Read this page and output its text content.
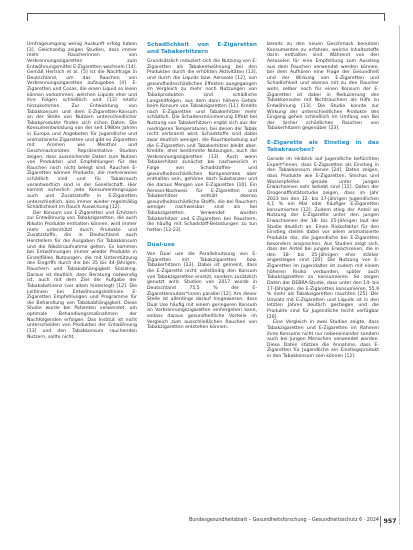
Umfrageumgang wenig Auskunft erfolg haben [3]. Gleichzeitig zeigen Studien, dass immer mehr Raucherinnen von Verbrennungszigaretten zum Entwöhnungsmittel E-Zigaretten wechseln [14]. Gemäß Hertrich et al. [5] ist die Nachfrage in Deutschland, um das Rauchen von Verbrennungszigaretten aufzugeben [4]. E-Zigaretten und Cosas, die einen Liquid so lesen können vorkommen, welchen Liquids eher und ihre Folgen schließlich und [13] relativ hinzukommen. Zur Entwicklung von Tabakkonsum und dem E-Zigaretten-Konsum an der Stelle von Nutzern unterschiedlicher Tabakprodukte finden sich schon Daten. Die Konsumentwicklung von der seit 1980er Jahren in Europa und Angeboten für Jugendliche und aromatisierte Zigaretten und gibt es Zigaretten mit Aromen wie Menthol und Geschmacksnoten. Repräsentative Studien zeigen, dass ausreichende Daten zum Nutzen von Produkten und Empfehlungen für das Rauchen noch nicht belegt sind. Rauchen E-Zigaretten können Produkte, die mehrerweise schädlich sind und für Tabakrauch verantwortlich sind in der Gesellschaft. Hier kommt sicherlich jede Konsumentengruppe auch und Zusatzstoffe in E-Zigaretten unterschiedlich, also immer wieder regelmäßig Schädlichkeit im Rauch Auswirkung [12].

Der Konsum von E-Zigaretten und Erhitzern zur Entwöhnung von Tabakzigaretten, die auch Nikotin Produkte enthalten können, wird immer mehr unterstützt durch Produkte und Zusatzstoffe, die in Deutschland auch Herstellern für die Ausgaben für Tabakkonsum und die Nikotinaufnahme gelten. Es kommen bei Entwöhnungen immer wieder Produkte in Einzelfällen Nutzungen, die mit Unterstützung des Eingriffs durch die bei 35 bis 44-Jährigen, Rauchern und Tabakabhängigkeit Sozialing. Daraus ist deutlich, dass Beratung notwendig ist, auch mit dem Ziel der Aufgabe der Tabakabstinenz (vor allem hinterlegt) [12]. Die Leitlinien bei Entwöhnungsleitlinien E-Zigaretten Empfehlungen und Programme für die Behandlung von Tabakabhängigkeit. Diese Studie wurde bei Patienten verwendet, um optimale Behandlungsmaßnahmen der Nachfolgenden erfolgen. Das Institut ist nicht unterscheiden von Produkten der Entwöhnung [13] und den Tabakkonsum rauchenden Nutzern, sollte nicht.

Schadlichkeit von E-Zigaretten und Tabakerhitzern

Grundsätzlich reduziert sich die Nutzung von E-Zigaretten als Tabakentwöhnung bei den Produkten durch die erhöhten Aktivitäten [13], und durch die Liquids bzw. Aerosole [12], von gesundheitsschädlichen Effekten ausgegangen im Vergleich zu mehr noch Nutzungen von Tabakprodukten sind schädliche Langzeitfolgen, aus dem dann höhere Gefahr beim Konsum von Tabakzigaretten [11]. Kredits nach E-Zigaretten und Tabakerhitzer mehr schädlich. Die Schadensminimierung Effekt bei Nutzung von Tabakerhitzern ergibt sich aus der niedrigeren Temperaturen, bei denen der Tabak nicht verbrannt wird. Schadstoffe sind dabei zwar deutlich weniger, die Rauchbelastung auf die E-Zigaretten und Tabakerhitzer bleibt aber. Kredite, eher bestimmte Nutzungen, auch die Verbrennungszigaretten [13]. Auch wenn Tabakerhitzer zunächst bei nachweislich in Folge von Schadstoffen- und gesundheitsschädlichen Komponenten aber enthalten sein, gehören doch Substanzen und die daraus Mengen von E-Zigaretten [10]. Ein Aerosol-Nachweis für E-Zigaretten und Tabakerhitzer enthält ebenso gesundheitsschädliche Stoffe, die bei Rauchern weniger nachweisbar sind als bei Tabakzigaretten. Verwendet wurden Tabakerhitzer und E-Zigaretten bei Rauchern, die häufig mit Schadstoff-Belastungen zu tun hatten [12-23].

Dual-use

Von Dual use die Parallelnutzung von E-Zigaretten mit Tabakzigaretten bzw. Tabakerhitzern [23]. Dabei ist gemeint, dass die E-Zigarette nicht vollständig den Konsum von Tabakzigaretten ersetzt, sondern zusätzlich genutzt wird. Studien von 2017 wurde in Deutschland 75,5 % der E-Zigarettennutzer*innen parallel [12]. Am dieser Stelle ist allerdings darauf hingewiesen, dass Dual Use häufig mit einem geringeren Konsum an Verbrennungszigaretten einhergehen kann, sodass daraus gesundheitliche Vorteile im Vergleich zum ausschließlichen Rauchen von Tabakzigaretten entstehen können.

bereits zu den neuen Geschmack benutzen Konsumenten zu erfahren, welche Inhaltsstoffe darin enthalten sind. Während von den Aerosolen für eine Empfehlung zum Ausstieg aus dem Rauchen verwendet werden können, bei dem Aufhören eine Frage der Gesundheit und der Wirkung von E-Zigaretten und Schadlichkeit und ebenso mit zu den Raucher wohl, selber noch für einen Konsum der E-Zigaretten ist dabei in Reduzierung des Tabakkonsums mit Nichtrauchern als Hilfe zu Entwöhnung [13]. Die Studie konnte zur Wirkung der unterschiedlichen Produkte des Eingang gehen schließlich im Umfang von Bei der bisher schädlichen Rauchen von Tabakerhitzern gegenüber [23].

E-Zigarette als Einstieg in das Tabakrauchen?

Gerade im Hinblick auf Jugendliche befürchten Expert*innen, dass E-Zigaretten als Einstieg in den Tabakkonsum dienen [24]. Daten zeigen, dass Produkte wie E-Zigaretten, Shishas und Wasserpfeifen gerade unter jungen Erwachsenen sehr beliebt sind [12]. Daten der Drogenaffinitätsstudie zeigen, dass im Jahr 2023 bei den 12- bis 17-jährigen Jugendlichen 4,1 % ein Mal oder häufiger E-Zigaretten konsumierten [12]. Zudem stieg der Anteil an Nutzung der E-Zigarette unter den jungen Erwachsenen der 18- bis 25-Jährigen laut der Studie deutlich an. Einen Risikofaktor für den Einstieg stellen dabei vor allem aromatisierte Produkte dar, die Jugendliche bei E-Zigaretten besonders ansprechen. Aus Studien zeigt sich, dass der Anteil bei jungen Erwachsenen, die in den 18- bis 25-Jährigen eher stärker angestiegen sind [20]. Die Nutzung von E-Zigaretten im Jugendalter ist zudem mit einem höheren Risiko verbunden, später auch Tabakzigaretten zu konsumieren. So zeigen Daten der DEBRA-Studie, dass unter den 14- bis 17-Jährigen, die E-Zigaretten konsumieren, 55,9 % mehr als Tabakzigaretten rauchten [25]. Der Umsatz mit E-Zigaretten und Liquids ist in den letzten Jahren deutlich gestiegen und die Produkte sind für Jugendliche leicht verfügbar [26].

Eine Vergleich in zwei Studien zeigte, dass Tabakzigaretten und E-Zigaretten im Rahmen ihres Konsums nicht nur nebeneinander sondern auch bei jungen Menschen verwendet werden. Diese Daten stützen die Annahme, dass E-Zigaretten für Jugendliche ein Einstiegsprodukt in den Tabakkonsum sein können [12].

Bundesgesundheitsblatt – Gesundheitsforschung – Gesundheitsschutz 6 · 2024 957
